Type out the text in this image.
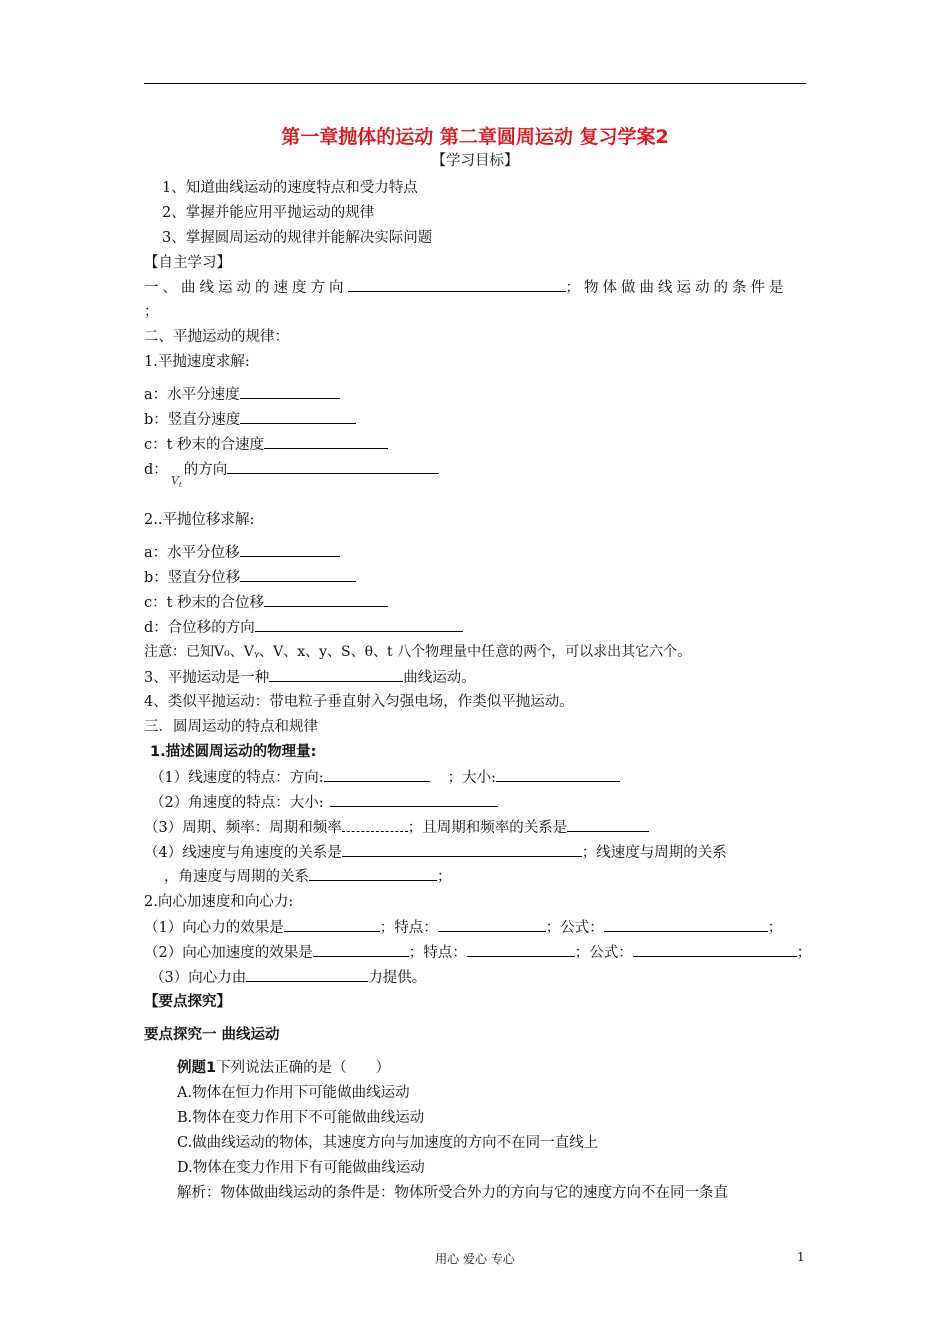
第一章抛体的运动 第二章圆周运动 复习学案2
【学习目标】
1、知道曲线运动的速度特点和受力特点
2、掌握并能应用平抛运动的规律
3、掌握圆周运动的规律并能解决实际问题
【自主学习】
一、曲线运动的速度方向	；物体做曲线运动的条件是
；
二、平抛运动的规律：
1.平抛速度求解:
a：水平分速度
b：竖直分速度
c：t 秒末的合速度
d： 的方向
$V_t$
2..平抛位移求解:
a：水平分位移
b：竖直分位移
c：t 秒末的合位移
d：合位移的方向
注意：已知V₀、Vᵧ、V、x、y、S、θ、t 八个物理量中任意的两个，可以求出其它六个。
3、平抛运动是一种	曲线运动。
4、类似平抛运动：带电粒子垂直射入匀强电场，作类似平抛运动。
三．圆周运动的特点和规律
1.描述圆周运动的物理量:
（1）线速度的特点：方向:	；大小:
（2）角速度的特点：大小:
（3）周期、频率：周期和频率	；且周期和频率的关系是
（4）线速度与角速度的关系是	；线速度与周期的关系
，角速度与周期的关系	；
2.向心加速度和向心力:
（1）向心力的效果是	；特点：	；公式：	；
（2）向心加速度的效果是	；特点：	；公式：	；
（3）向心力由	力提供。
【要点探究】
要点探究一 曲线运动
例题1下列说法正确的是（　　）
A.物体在恒力作用下可能做曲线运动
B.物体在变力作用下不可能做曲线运动
C.做曲线运动的物体，其速度方向与加速度的方向不在同一直线上
D.物体在变力作用下有可能做曲线运动
解析：物体做曲线运动的条件是：物体所受合外力的方向与它的速度方向不在同一条直
用心 爱心 专心	1
